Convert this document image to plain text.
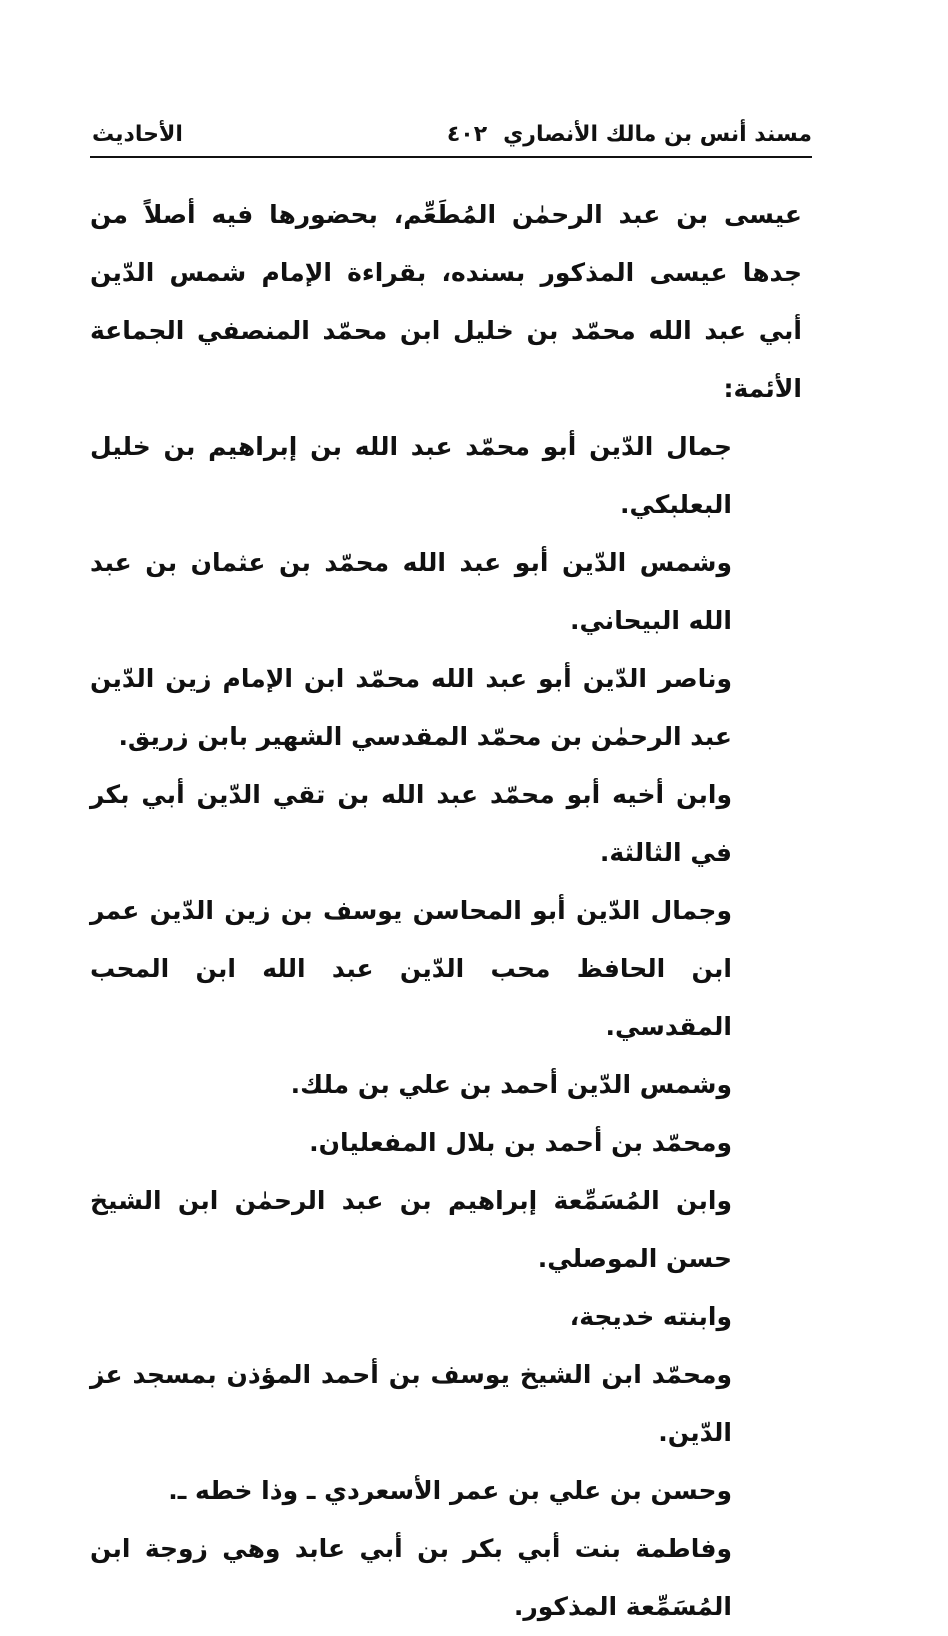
مسند أنس بن مالك الأنصاري
٤٠٢
الأحاديث

عيسى بن عبد الرحمٰن المُطَعِّم، بحضورها فيه أصلاً من جدها عيسى المذكور بسنده، بقراءة الإمام شمس الدّين أبي عبد الله محمّد بن خليل ابن محمّد المنصفي الجماعة الأئمة:

جمال الدّين أبو محمّد عبد الله بن إبراهيم بن خليل البعلبكي.

وشمس الدّين أبو عبد الله محمّد بن عثمان بن عبد الله البيحاني.

وناصر الدّين أبو عبد الله محمّد ابن الإمام زين الدّين عبد الرحمٰن بن محمّد المقدسي الشهير بابن زريق.

وابن أخيه أبو محمّد عبد الله بن تقي الدّين أبي بكر في الثالثة.

وجمال الدّين أبو المحاسن يوسف بن زين الدّين عمر ابن الحافظ محب الدّين عبد الله ابن المحب المقدسي.

وشمس الدّين أحمد بن علي بن ملك.

ومحمّد بن أحمد بن بلال المفعليان.

وابن المُسَمِّعة إبراهيم بن عبد الرحمٰن ابن الشيخ حسن الموصلي.

وابنته خديجة،

ومحمّد ابن الشيخ يوسف بن أحمد المؤذن بمسجد عز الدّين.

وحسن بن علي بن عمر الأسعردي ـ وذا خطه ـ.

وفاطمة بنت أبي بكر بن أبي عابد وهي زوجة ابن المُسَمِّعة المذكور.
